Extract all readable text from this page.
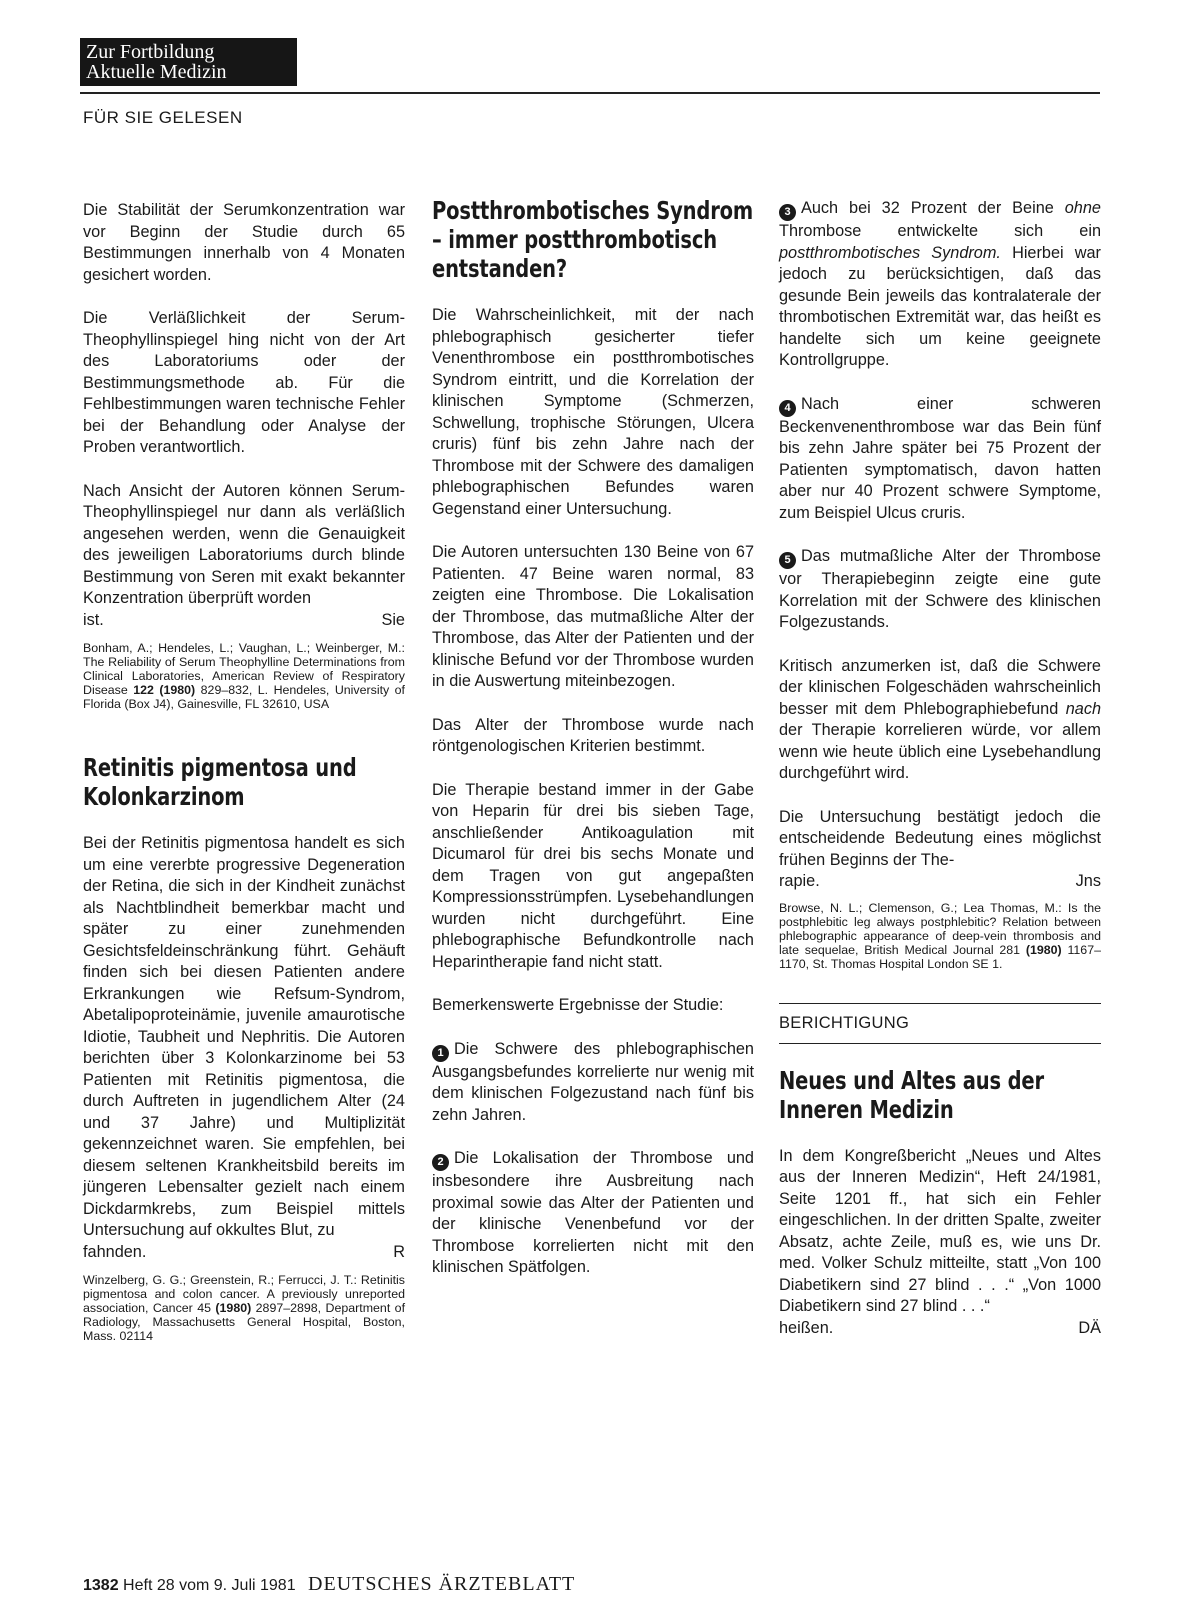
Zur Fortbildung
Aktuelle Medizin
FÜR SIE GELESEN

Die Stabilität der Serumkonzentration war vor Beginn der Studie durch 65 Bestimmungen innerhalb von 4 Monaten gesichert worden.

Die Verläßlichkeit der Serum-Theophyllinspiegel hing nicht von der Art des Laboratoriums oder der Bestimmungsmethode ab. Für die Fehlbestimmungen waren technische Fehler bei der Behandlung oder Analyse der Proben verantwortlich.

Nach Ansicht der Autoren können Serum-Theophyllinspiegel nur dann als verläßlich angesehen werden, wenn die Genauigkeit des jeweiligen Laboratoriums durch blinde Bestimmung von Seren mit exakt bekannter Konzentration überprüft worden
ist.	Sie

Bonham, A.; Hendeles, L.; Vaughan, L.; Weinberger, M.: The Reliability of Serum Theophylline Determinations from Clinical Laboratories, American Review of Respiratory Disease 122 (1980) 829–832, L. Hendeles, University of Florida (Box J4), Gainesville, FL 32610, USA

Retinitis pigmentosa und Kolonkarzinom

Bei der Retinitis pigmentosa handelt es sich um eine vererbte progressive Degeneration der Retina, die sich in der Kindheit zunächst als Nachtblindheit bemerkbar macht und später zu einer zunehmenden Gesichtsfeldeinschränkung führt. Gehäuft finden sich bei diesen Patienten andere Erkrankungen wie Refsum-Syndrom, Abetalipoproteinämie, juvenile amaurotische Idiotie, Taubheit und Nephritis. Die Autoren berichten über 3 Kolonkarzinome bei 53 Patienten mit Retinitis pigmentosa, die durch Auftreten in jugendlichem Alter (24 und 37 Jahre) und Multiplizität gekennzeichnet waren. Sie empfehlen, bei diesem seltenen Krankheitsbild bereits im jüngeren Lebensalter gezielt nach einem Dickdarmkrebs, zum Beispiel mittels Untersuchung auf okkultes Blut, zu
fahnden.	R

Winzelberg, G. G.; Greenstein, R.; Ferrucci, J. T.: Retinitis pigmentosa and colon cancer. A previously unreported association, Cancer 45 (1980) 2897–2898, Department of Radiology, Massachusetts General Hospital, Boston, Mass. 02114

Postthrombotisches Syndrom – immer postthrombotisch entstanden?

Die Wahrscheinlichkeit, mit der nach phlebographisch gesicherter tiefer Venenthrombose ein postthrombotisches Syndrom eintritt, und die Korrelation der klinischen Symptome (Schmerzen, Schwellung, trophische Störungen, Ulcera cruris) fünf bis zehn Jahre nach der Thrombose mit der Schwere des damaligen phlebographischen Befundes waren Gegenstand einer Untersuchung.

Die Autoren untersuchten 130 Beine von 67 Patienten. 47 Beine waren normal, 83 zeigten eine Thrombose. Die Lokalisation der Thrombose, das mutmaßliche Alter der Thrombose, das Alter der Patienten und der klinische Befund vor der Thrombose wurden in die Auswertung miteinbezogen.

Das Alter der Thrombose wurde nach röntgenologischen Kriterien bestimmt.

Die Therapie bestand immer in der Gabe von Heparin für drei bis sieben Tage, anschließender Antikoagulation mit Dicumarol für drei bis sechs Monate und dem Tragen von gut angepaßten Kompressionsstrümpfen. Lysebehandlungen wurden nicht durchgeführt. Eine phlebographische Befundkontrolle nach Heparintherapie fand nicht statt.

Bemerkenswerte Ergebnisse der Studie:

1 Die Schwere des phlebographischen Ausgangsbefundes korrelierte nur wenig mit dem klinischen Folgezustand nach fünf bis zehn Jahren.

2 Die Lokalisation der Thrombose und insbesondere ihre Ausbreitung nach proximal sowie das Alter der Patienten und der klinische Venenbefund vor der Thrombose korrelierten nicht mit den klinischen Spätfolgen.

3 Auch bei 32 Prozent der Beine ohne Thrombose entwickelte sich ein postthrombotisches Syndrom. Hierbei war jedoch zu berücksichtigen, daß das gesunde Bein jeweils das kontralaterale der thrombotischen Extremität war, das heißt es handelte sich um keine geeignete Kontrollgruppe.

4 Nach einer schweren Beckenvenenthrombose war das Bein fünf bis zehn Jahre später bei 75 Prozent der Patienten symptomatisch, davon hatten aber nur 40 Prozent schwere Symptome, zum Beispiel Ulcus cruris.

5 Das mutmaßliche Alter der Thrombose vor Therapiebeginn zeigte eine gute Korrelation mit der Schwere des klinischen Folgezustands.

Kritisch anzumerken ist, daß die Schwere der klinischen Folgeschäden wahrscheinlich besser mit dem Phlebographiebefund nach der Therapie korrelieren würde, vor allem wenn wie heute üblich eine Lysebehandlung durchgeführt wird.

Die Untersuchung bestätigt jedoch die entscheidende Bedeutung eines möglichst frühen Beginns der The-
rapie.	Jns

Browse, N. L.; Clemenson, G.; Lea Thomas, M.: Is the postphlebitic leg always postphlebitic? Relation between phlebographic appearance of deep-vein thrombosis and late sequelae, British Medical Journal 281 (1980) 1167–1170, St. Thomas Hospital London SE 1.

BERICHTIGUNG
Neues und Altes aus der Inneren Medizin

In dem Kongreßbericht „Neues und Altes aus der Inneren Medizin“, Heft 24/1981, Seite 1201 ff., hat sich ein Fehler eingeschlichen. In der dritten Spalte, zweiter Absatz, achte Zeile, muß es, wie uns Dr. med. Volker Schulz mitteilte, statt „Von 100 Diabetikern sind 27 blind . . .“ „Von 1000 Diabetikern sind 27 blind . . .“
heißen.	DÄ

1382 Heft 28 vom 9. Juli 1981 DEUTSCHES ÄRZTEBLATT
